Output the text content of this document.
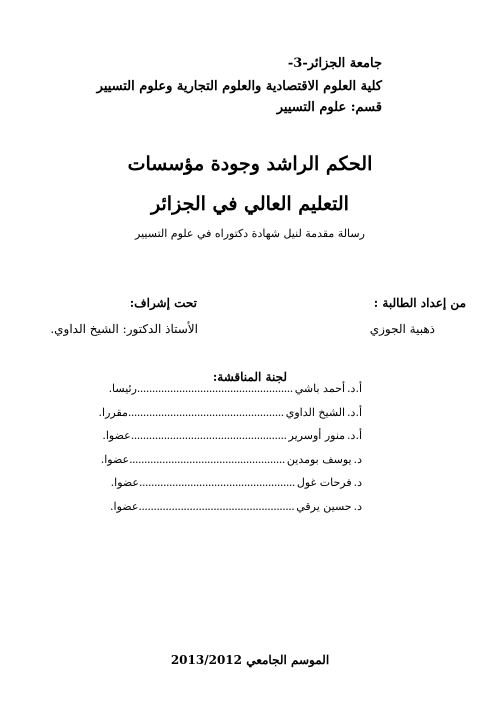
جامعة الجزائر-3-
كلية العلوم الاقتصادية والعلوم التجارية وعلوم التسيير
قسم: علوم التسيير
الحكم الراشد وجودة مؤسسات
التعليم العالي في الجزائر
رسالة مقدمة لنيل شهادة دكتوراه في علوم التسيير
من إعداد الطالبة :
ذهبية الجوزي
تحت إشراف:
الأستاذ الدكتور: الشيخ الداوي.
لجنة المناقشة:
أ.د.
أحمد باشي
....................................................
رئيسا.
أ.د.
الشيخ الداوي
....................................................
مقررا.
أ.د.
منور أوسرير
....................................................
عضوا.
د.
يوسف بومدين
....................................................
عضوا.
د.
فرحات غول
....................................................
عضوا.
د.
حسين يرقي
....................................................
عضوا.
الموسم الجامعي 2013/2012
